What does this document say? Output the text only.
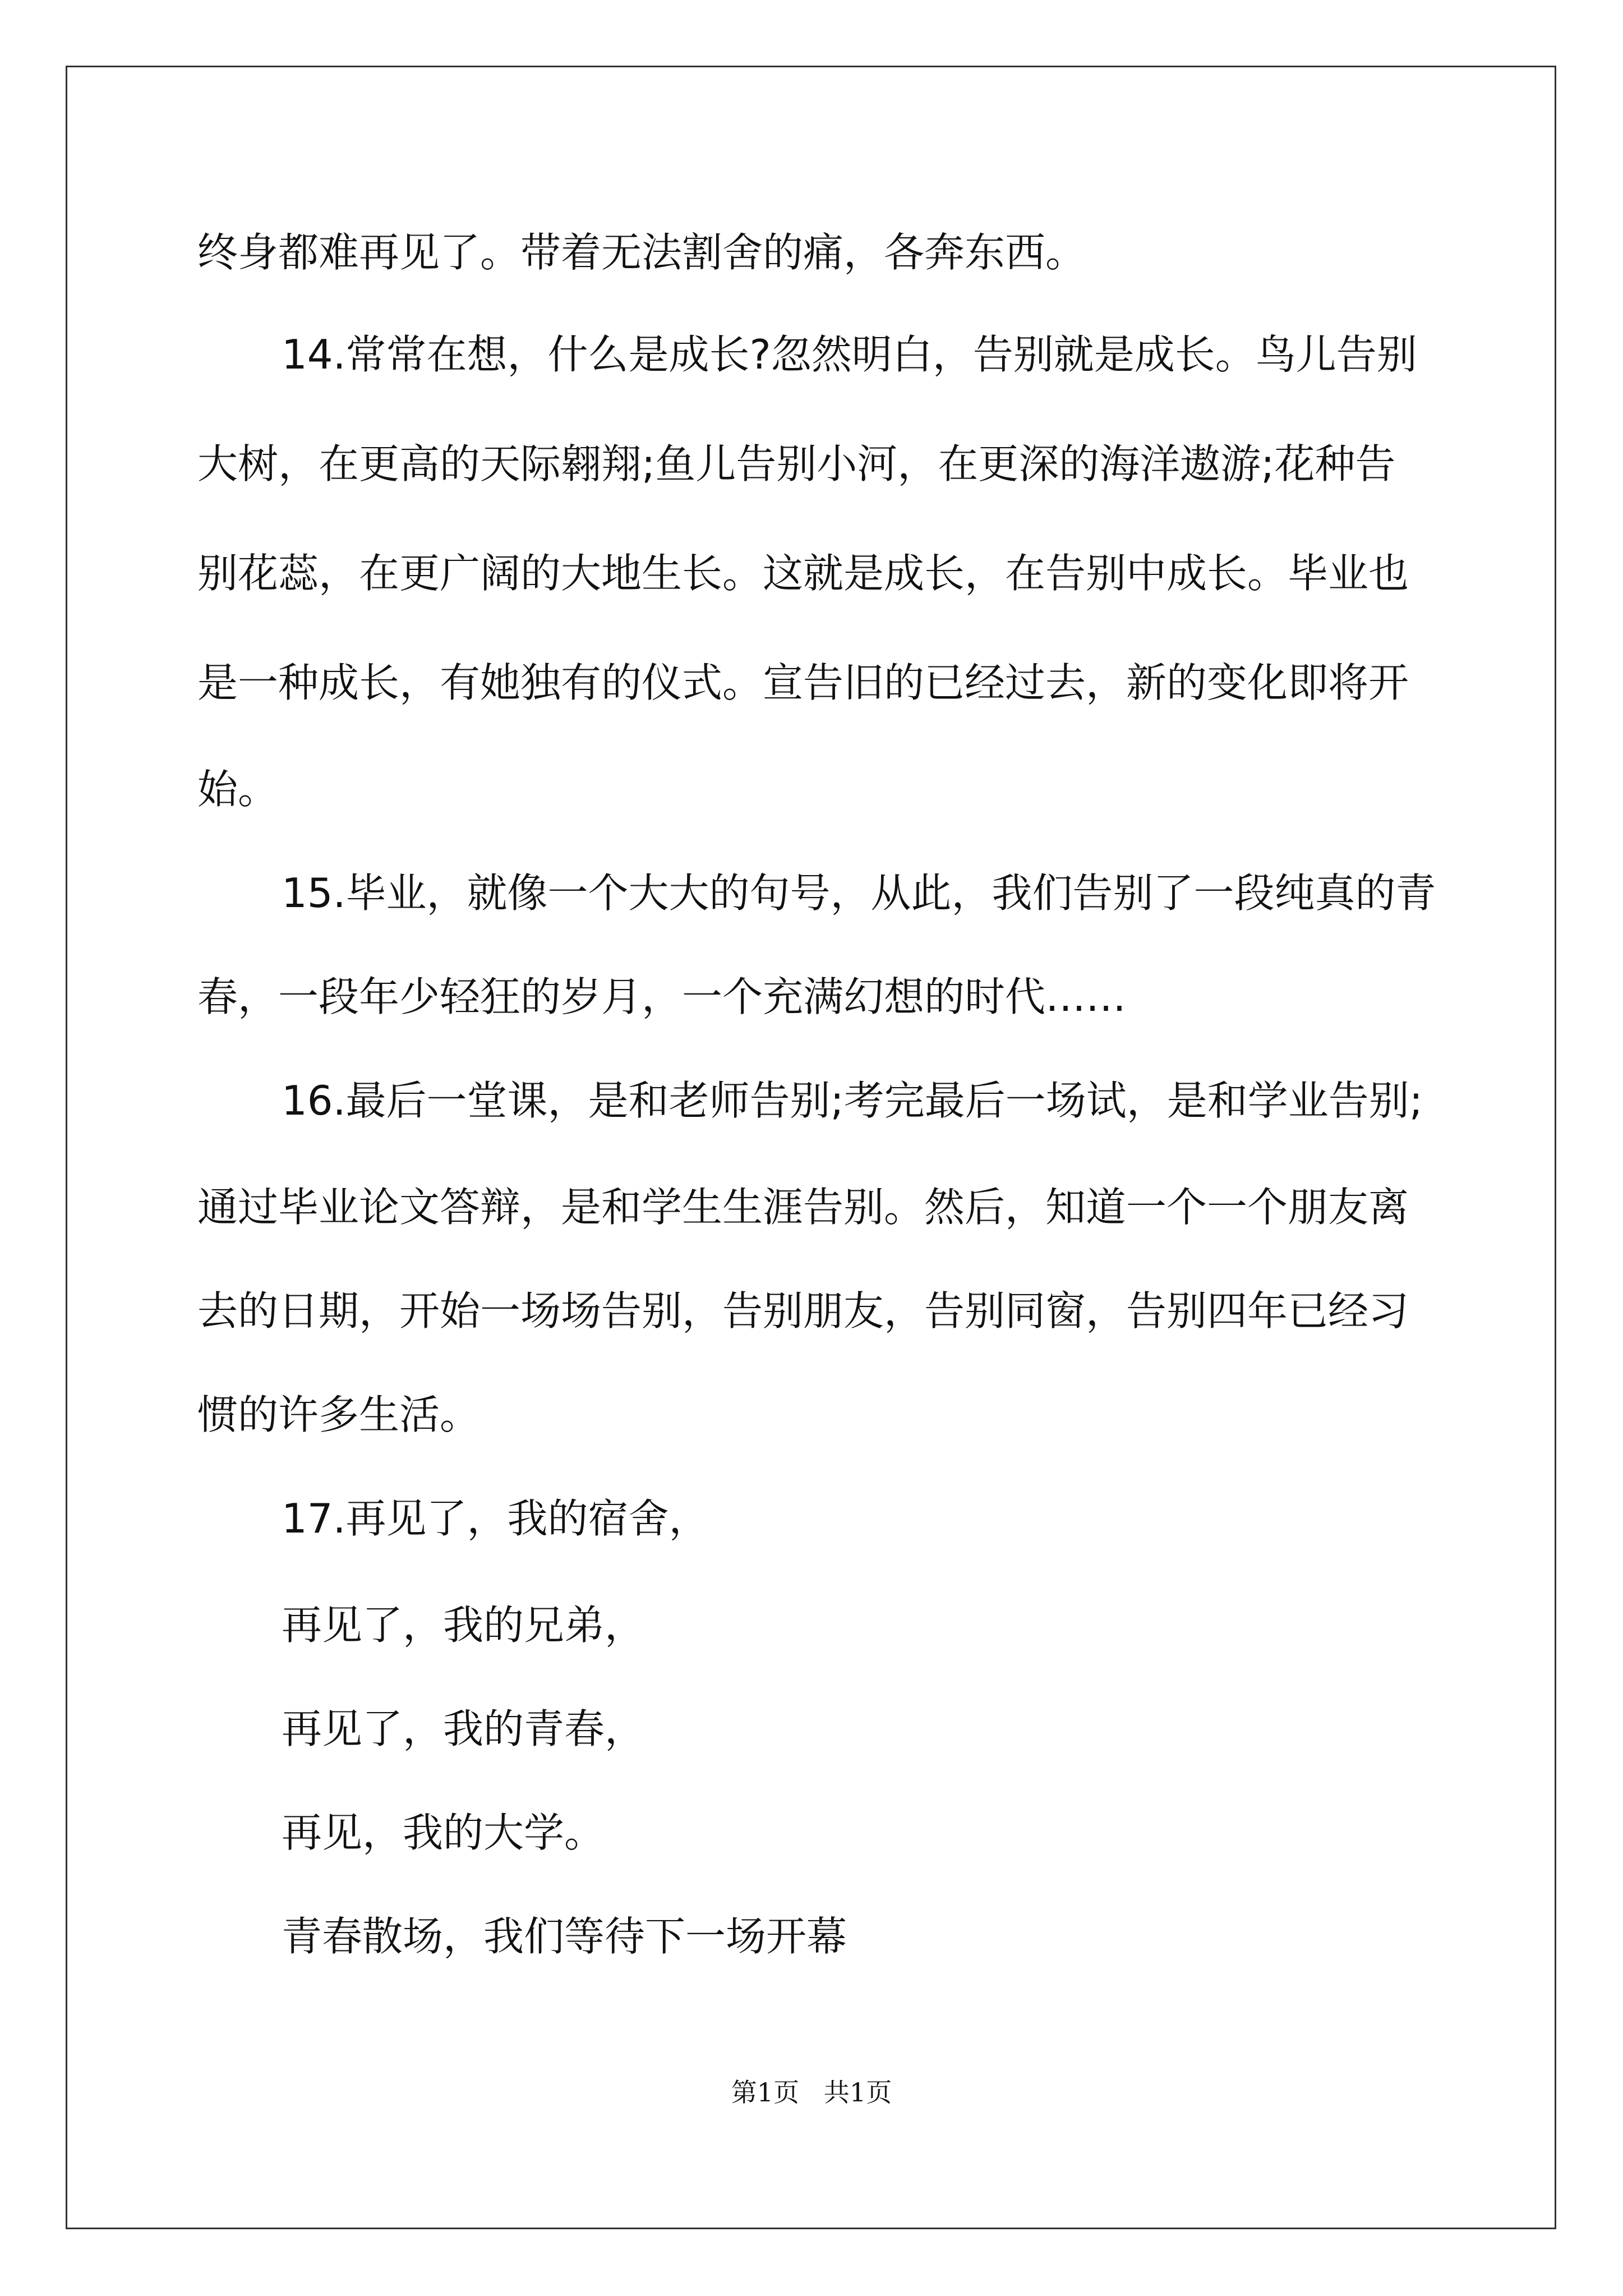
终身都难再见了。带着无法割舍的痛，各奔东西。
14.常常在想，什么是成长?忽然明白，告别就是成长。鸟儿告别
大树，在更高的天际翱翔;鱼儿告别小河，在更深的海洋遨游;花种告
别花蕊，在更广阔的大地生长。这就是成长，在告别中成长。毕业也
是一种成长，有她独有的仪式。宣告旧的已经过去，新的变化即将开
始。
15.毕业，就像一个大大的句号，从此，我们告别了一段纯真的青
春，一段年少轻狂的岁月，一个充满幻想的时代……
16.最后一堂课，是和老师告别;考完最后一场试，是和学业告别;
通过毕业论文答辩，是和学生生涯告别。然后，知道一个一个朋友离
去的日期，开始一场场告别，告别朋友，告别同窗，告别四年已经习
惯的许多生活。
17.再见了，我的宿舍，
再见了，我的兄弟，
再见了，我的青春，
再见，我的大学。
青春散场，我们等待下一场开幕
第1页   共1页
